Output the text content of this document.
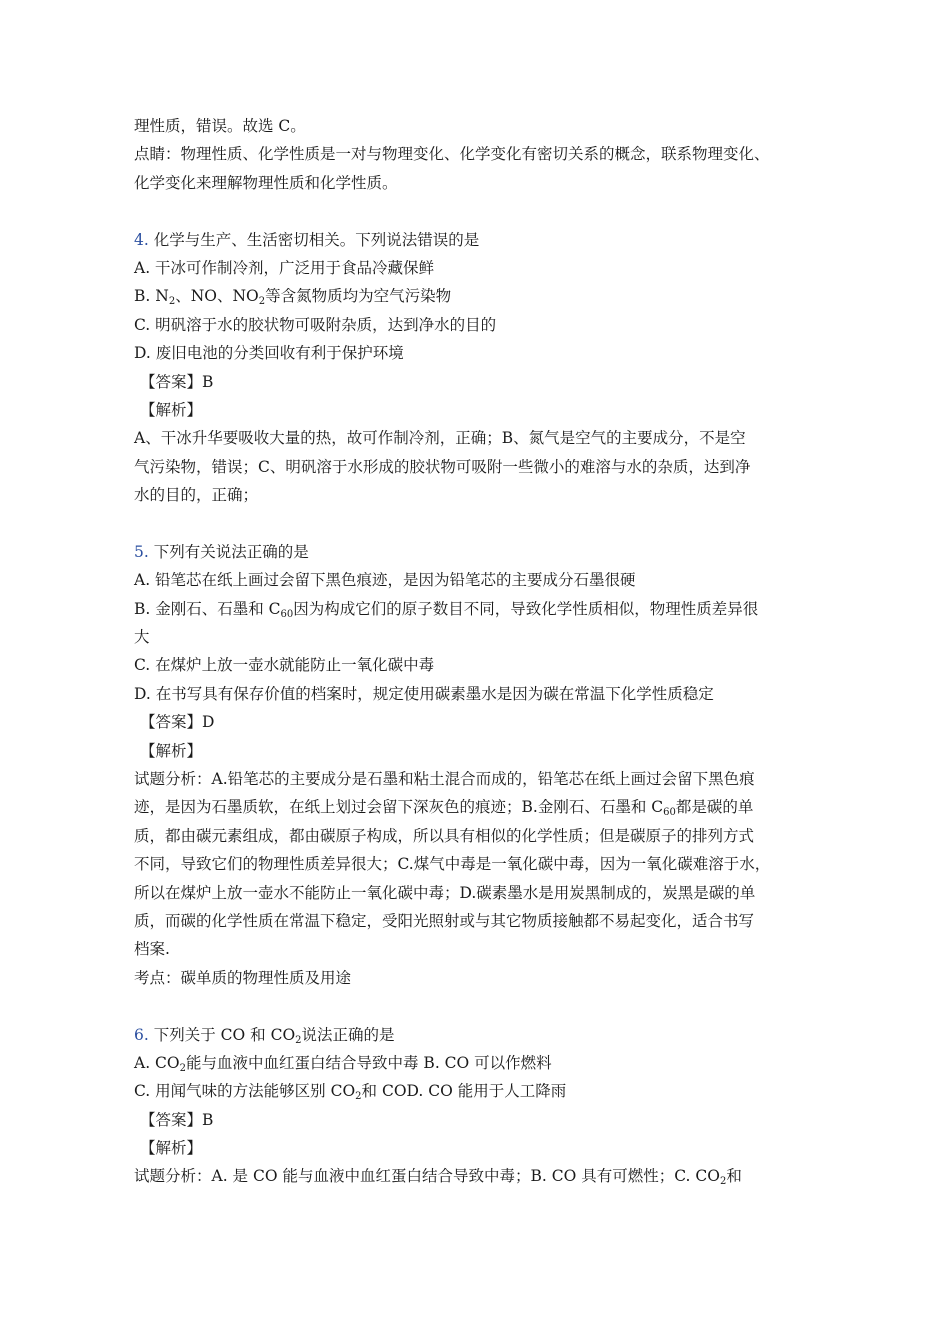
理性质，错误。故选 C。
点睛：物理性质、化学性质是一对与物理变化、化学变化有密切关系的概念，联系物理变化、
化学变化来理解物理性质和化学性质。
4. 化学与生产、生活密切相关。下列说法错误的是
A. 干冰可作制冷剂，广泛用于食品冷藏保鲜
B. $N_2$、NO、$NO_2$等含氮物质均为空气污染物
C. 明矾溶于水的胶状物可吸附杂质，达到净水的目的
D. 废旧电池的分类回收有利于保护环境
【答案】B
【解析】
A、干冰升华要吸收大量的热，故可作制冷剂，正确；B、氮气是空气的主要成分，不是空
气污染物，错误；C、明矾溶于水形成的胶状物可吸附一些微小的难溶与水的杂质，达到净
水的目的，正确；
5. 下列有关说法正确的是
A. 铅笔芯在纸上画过会留下黑色痕迹，是因为铅笔芯的主要成分石墨很硬
B. 金刚石、石墨和 $C_{60}$因为构成它们的原子数目不同，导致化学性质相似，物理性质差异很
大
C. 在煤炉上放一壶水就能防止一氧化碳中毒
D. 在书写具有保存价值的档案时，规定使用碳素墨水是因为碳在常温下化学性质稳定
【答案】D
【解析】
试题分析：A.铅笔芯的主要成分是石墨和粘土混合而成的，铅笔芯在纸上画过会留下黑色痕
迹，是因为石墨质软，在纸上划过会留下深灰色的痕迹；B.金刚石、石墨和 $C_{60}$都是碳的单
质，都由碳元素组成，都由碳原子构成，所以具有相似的化学性质；但是碳原子的排列方式
不同，导致它们的物理性质差异很大；C.煤气中毒是一氧化碳中毒，因为一氧化碳难溶于水，
所以在煤炉上放一壶水不能防止一氧化碳中毒；D.碳素墨水是用炭黑制成的，炭黑是碳的单
质，而碳的化学性质在常温下稳定，受阳光照射或与其它物质接触都不易起变化，适合书写
档案.
考点：碳单质的物理性质及用途
6. 下列关于 CO 和 $CO_2$说法正确的是
A. $CO_2$能与血液中血红蛋白结合导致中毒 B. CO 可以作燃料
C. 用闻气味的方法能够区别 $CO_2$和 COD. CO 能用于人工降雨
【答案】B
【解析】
试题分析：A. 是 CO 能与血液中血红蛋白结合导致中毒；B. CO 具有可燃性；C. $CO_2$和
